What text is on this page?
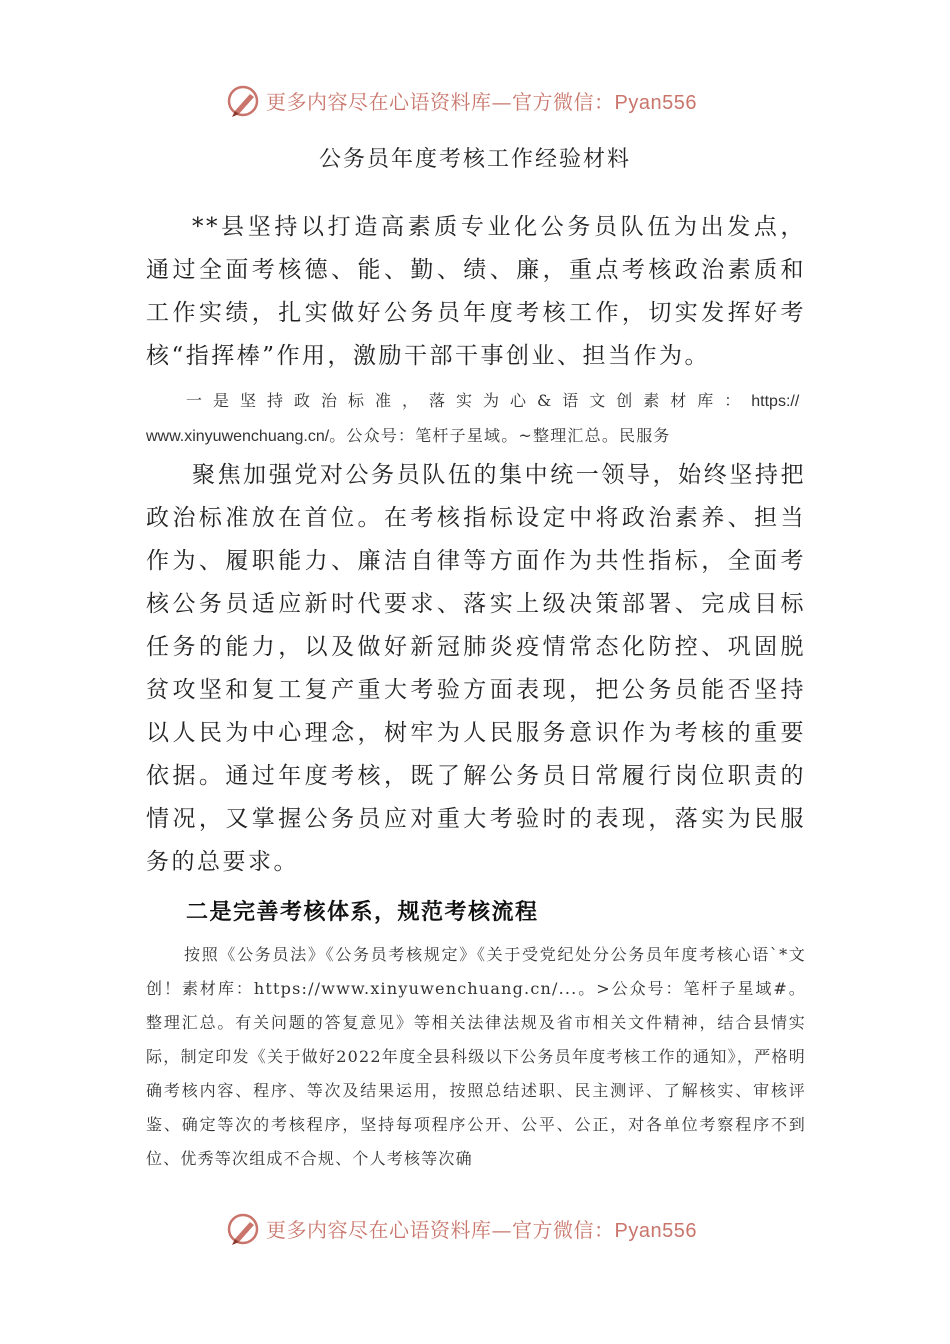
更多内容尽在心语资料库—官方微信：Pyan556
公务员年度考核工作经验材料

**县坚持以打造高素质专业化公务员队伍为出发点，通过全面考核德、能、勤、绩、廉，重点考核政治素质和工作实绩，扎实做好公务员年度考核工作，切实发挥好考核“指挥棒”作用，激励干部干事创业、担当作为。

一是坚持政治标准，落实为心&语文创素材库：https://
www.xinyuwenchuang.cn/。公众号：笔杆子星域。~整理汇总。民服务

聚焦加强党对公务员队伍的集中统一领导，始终坚持把政治标准放在首位。在考核指标设定中将政治素养、担当作为、履职能力、廉洁自律等方面作为共性指标，全面考核公务员适应新时代要求、落实上级决策部署、完成目标任务的能力，以及做好新冠肺炎疫情常态化防控、巩固脱贫攻坚和复工复产重大考验方面表现，把公务员能否坚持以人民为中心理念，树牢为人民服务意识作为考核的重要依据。通过年度考核，既了解公务员日常履行岗位职责的情况，又掌握公务员应对重大考验时的表现，落实为民服务的总要求。

二是完善考核体系，规范考核流程

按照《公务员法》《公务员考核规定》《关于受党纪处分公务员年度考核心语`*文创！素材库：https://www.xinyuwenchuang.cn/...。>公众号：笔杆子星域#。整理汇总。有关问题的答复意见》等相关法律法规及省市相关文件精神，结合县情实际，制定印发《关于做好2022年度全县科级以下公务员年度考核工作的通知》，严格明确考核内容、程序、等次及结果运用，按照总结述职、民主测评、了解核实、审核评鉴、确定等次的考核程序，坚持每项程序公开、公平、公正，对各单位考察程序不到位、优秀等次组成不合规、个人考核等次确

更多内容尽在心语资料库—官方微信：Pyan556
